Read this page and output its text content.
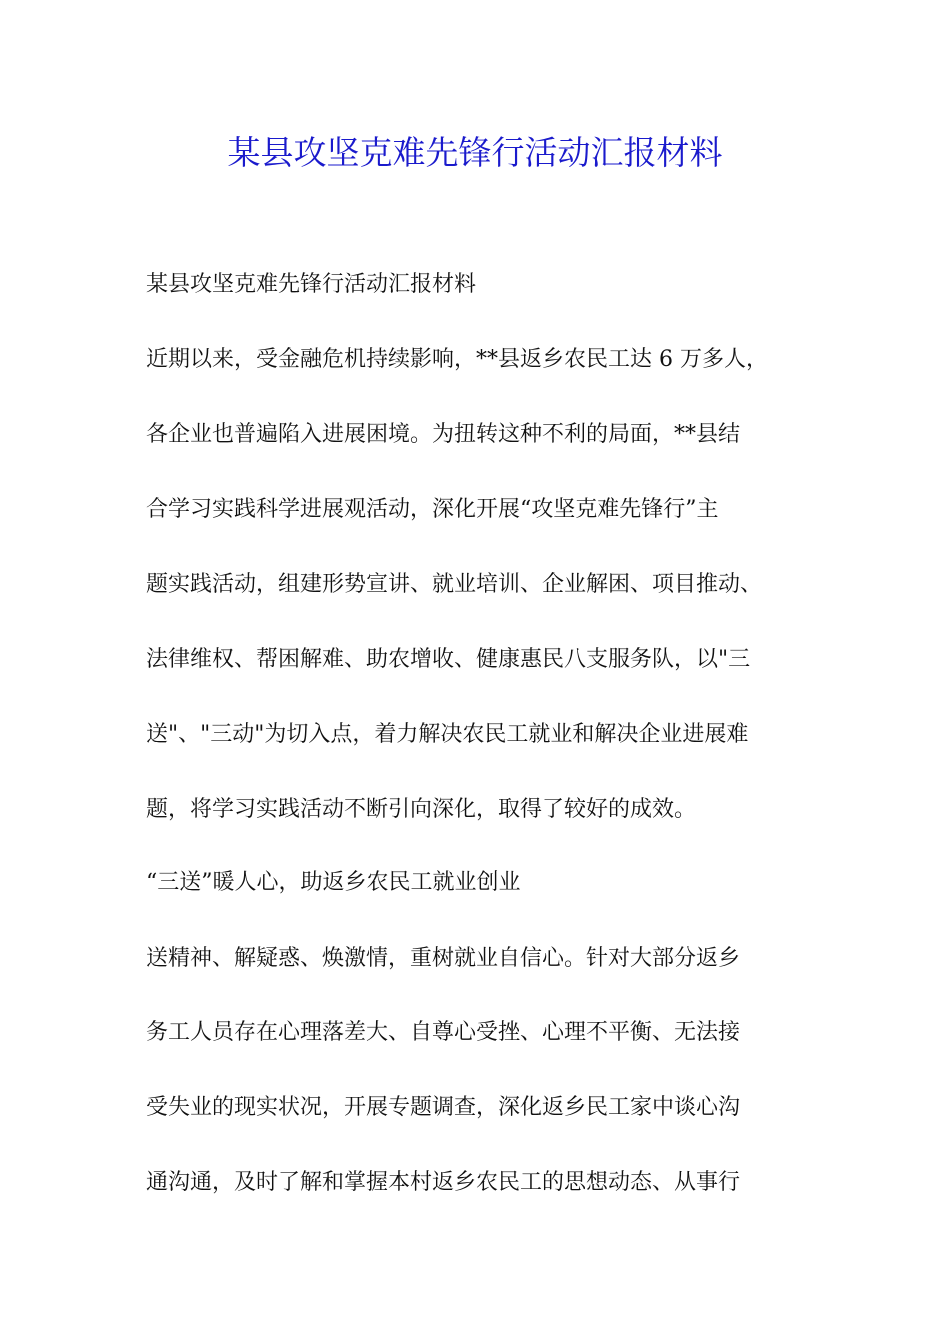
某县攻坚克难先锋行活动汇报材料
某县攻坚克难先锋行活动汇报材料
近期以来，受金融危机持续影响，**县返乡农民工达 6 万多人，
各企业也普遍陷入进展困境。为扭转这种不利的局面，**县结
合学习实践科学进展观活动，深化开展“攻坚克难先锋行”主
题实践活动，组建形势宣讲、就业培训、企业解困、项目推动、
法律维权、帮困解难、助农增收、健康惠民八支服务队，以"三
送"、"三动"为切入点，着力解决农民工就业和解决企业进展难
题，将学习实践活动不断引向深化，取得了较好的成效。
“三送”暖人心，助返乡农民工就业创业
送精神、解疑惑、焕激情，重树就业自信心。针对大部分返乡
务工人员存在心理落差大、自尊心受挫、心理不平衡、无法接
受失业的现实状况，开展专题调查，深化返乡民工家中谈心沟
通沟通，及时了解和掌握本村返乡农民工的思想动态、从事行
